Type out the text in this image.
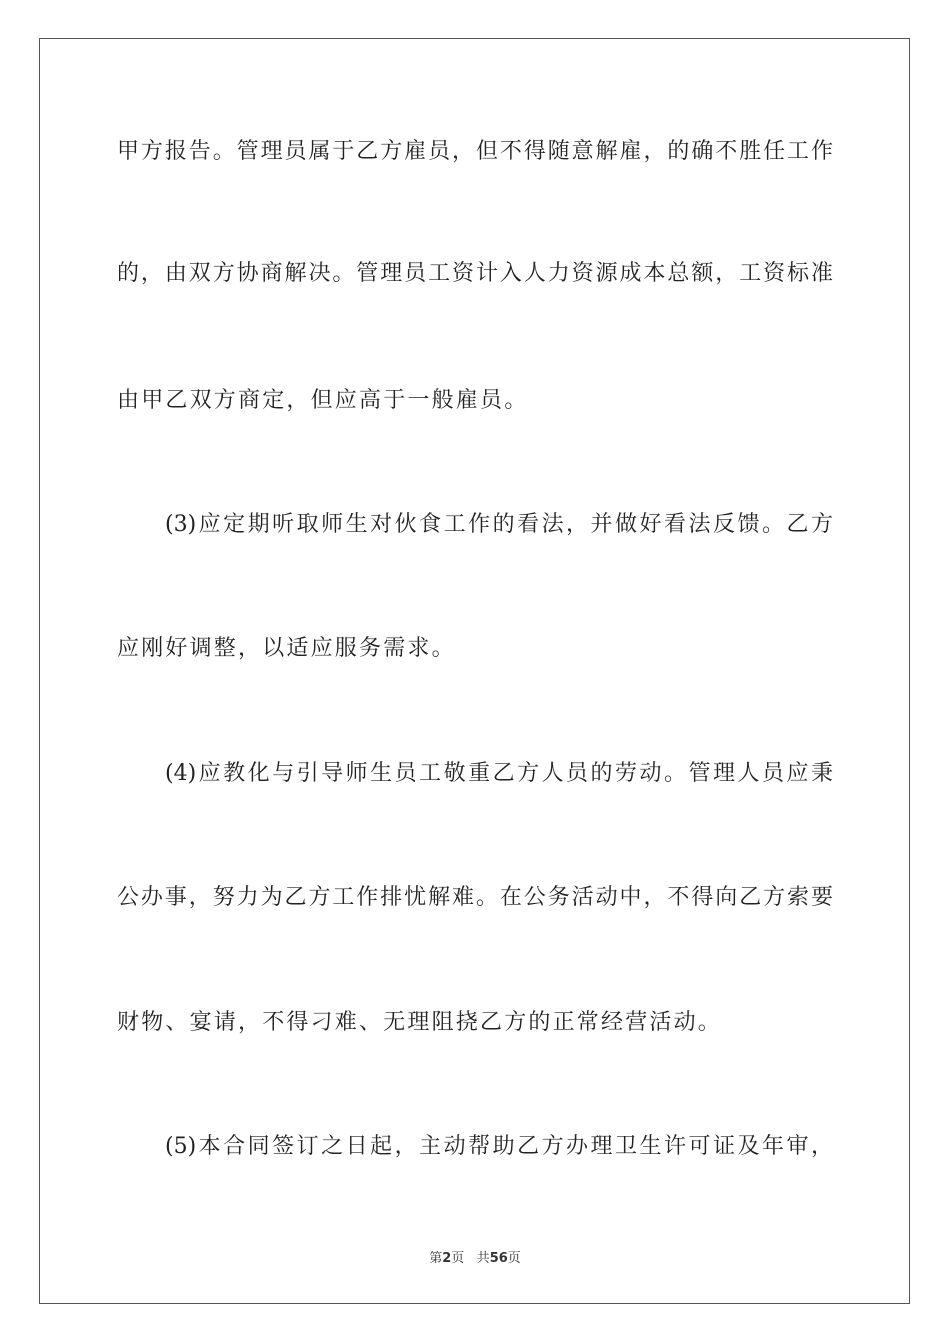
甲方报告。管理员属于乙方雇员，但不得随意解雇，的确不胜任工作
的，由双方协商解决。管理员工资计入人力资源成本总额，工资标准
由甲乙双方商定，但应高于一般雇员。
(3)应定期听取师生对伙食工作的看法，并做好看法反馈。乙方
应刚好调整，以适应服务需求。
(4)应教化与引导师生员工敬重乙方人员的劳动。管理人员应秉
公办事，努力为乙方工作排忧解难。在公务活动中，不得向乙方索要
财物、宴请，不得刁难、无理阻挠乙方的正常经营活动。
(5)本合同签订之日起，主动帮助乙方办理卫生许可证及年审，
第2页 共56页
